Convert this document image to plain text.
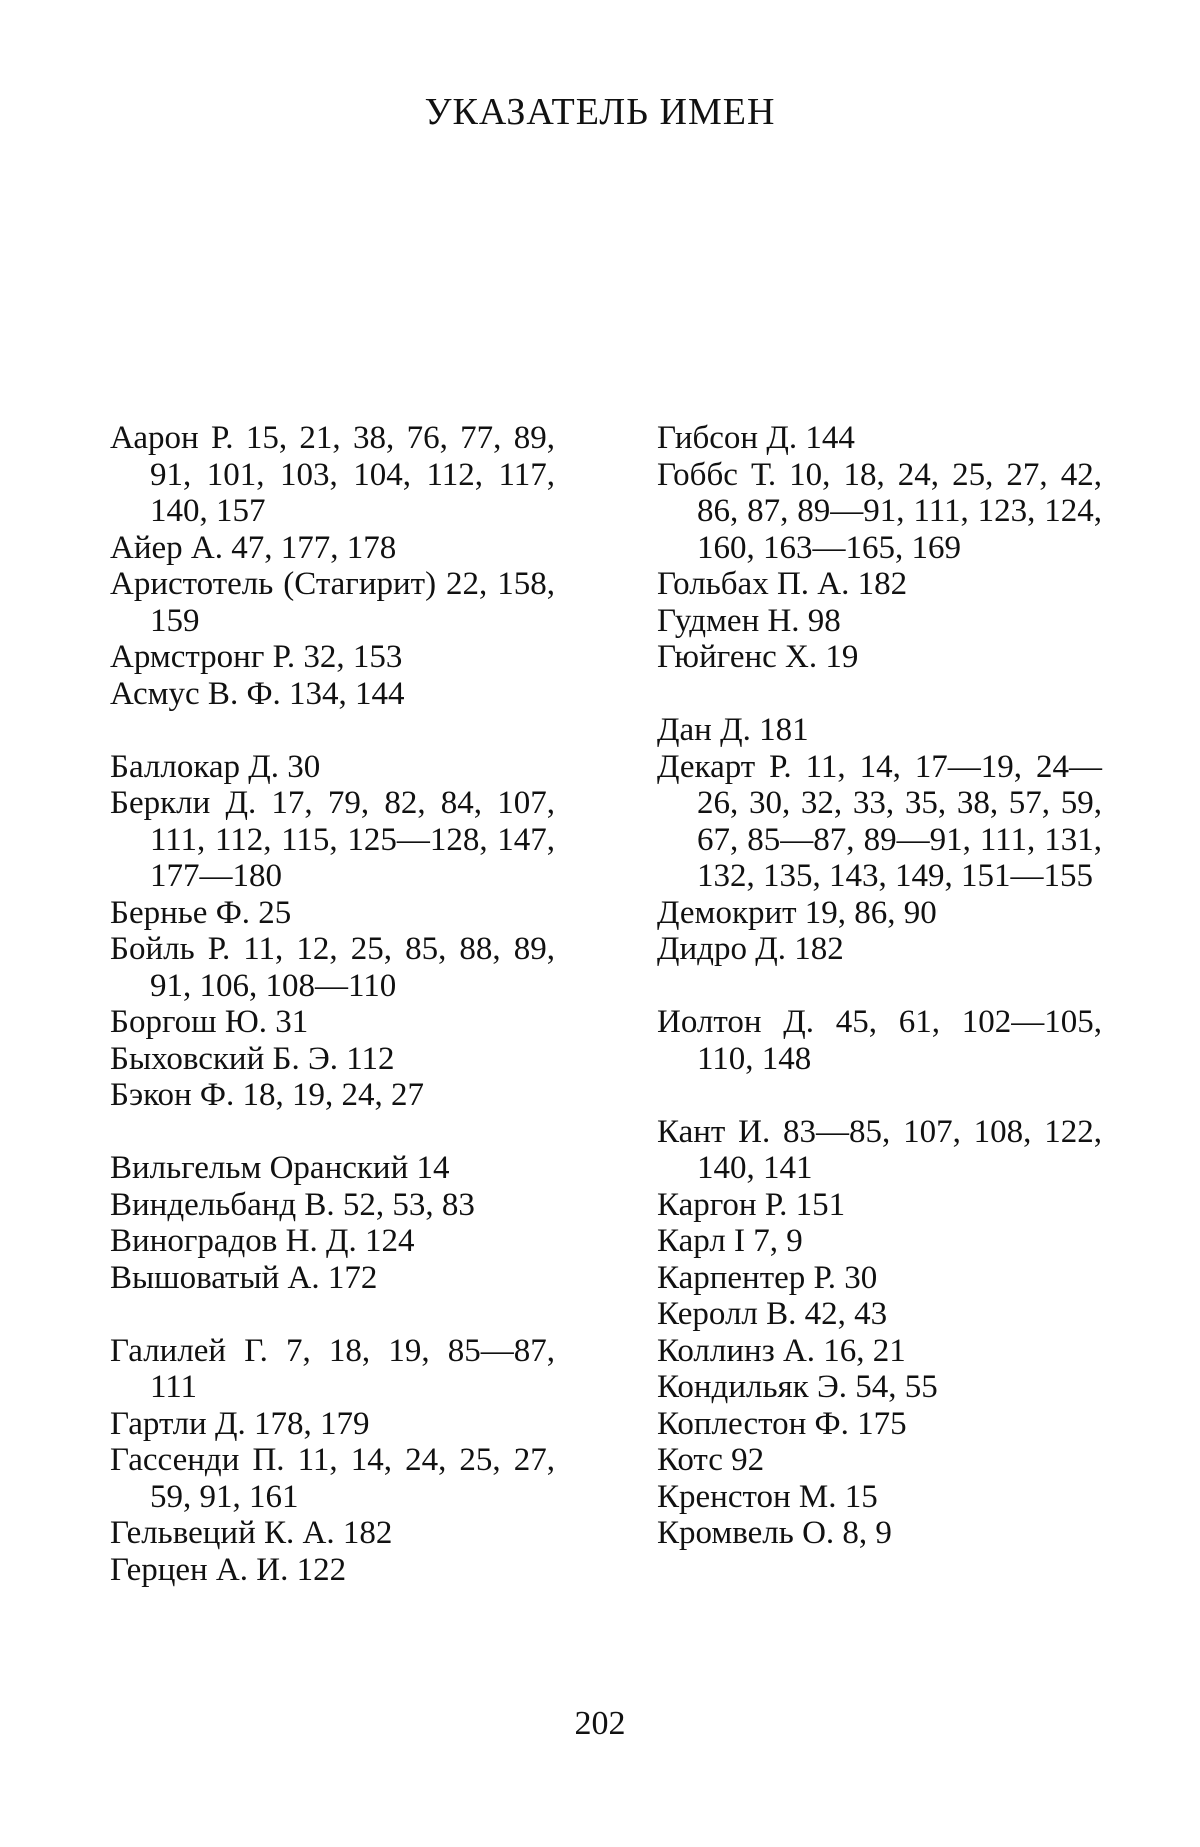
УКАЗАТЕЛЬ ИМЕН
Аарон Р. 15, 21, 38, 76, 77, 89, 91, 101, 103, 104, 112, 117, 140, 157
Айер А. 47, 177, 178
Аристотель (Стагирит) 22, 158, 159
Армстронг Р. 32, 153
Асмус В. Ф. 134, 144
Баллокар Д. 30
Беркли Д. 17, 79, 82, 84, 107, 111, 112, 115, 125—128, 147, 177—180
Бернье Ф. 25
Бойль Р. 11, 12, 25, 85, 88, 89, 91, 106, 108—110
Боргош Ю. 31
Быховский Б. Э. 112
Бэкон Ф. 18, 19, 24, 27
Вильгельм Оранский 14
Виндельбанд В. 52, 53, 83
Виноградов Н. Д. 124
Вышоватый А. 172
Галилей Г. 7, 18, 19, 85—87, 111
Гартли Д. 178, 179
Гассенди П. 11, 14, 24, 25, 27, 59, 91, 161
Гельвеций К. А. 182
Герцен А. И. 122
Гибсон Д. 144
Гоббс Т. 10, 18, 24, 25, 27, 42, 86, 87, 89—91, 111, 123, 124, 160, 163—165, 169
Гольбах П. А. 182
Гудмен Н. 98
Гюйгенс Х. 19
Дан Д. 181
Декарт Р. 11, 14, 17—19, 24—26, 30, 32, 33, 35, 38, 57, 59, 67, 85—87, 89—91, 111, 131, 132, 135, 143, 149, 151—155
Демокрит 19, 86, 90
Дидро Д. 182
Иолтон Д. 45, 61, 102—105, 110, 148
Кант И. 83—85, 107, 108, 122, 140, 141
Каргон Р. 151
Карл I 7, 9
Карпентер Р. 30
Керолл В. 42, 43
Коллинз А. 16, 21
Кондильяк Э. 54, 55
Коплестон Ф. 175
Котс 92
Кренстон М. 15
Кромвель О. 8, 9
202
